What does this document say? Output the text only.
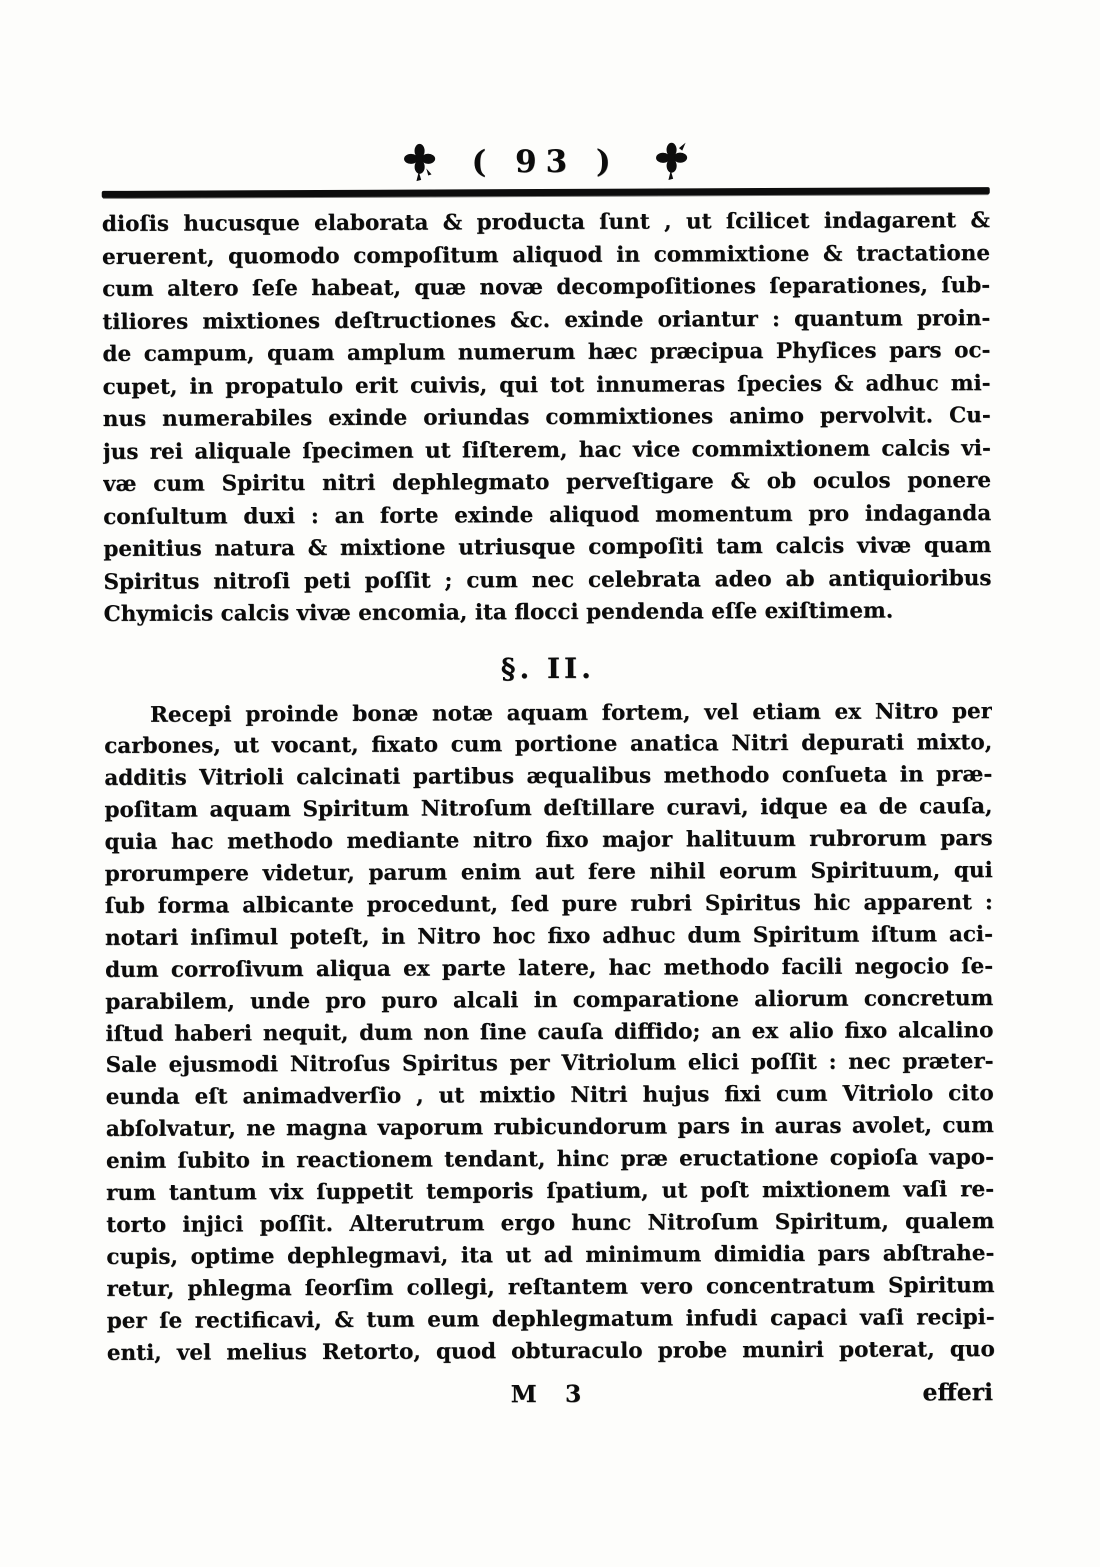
( 93 )
dioſis hucusque elaborata & producta ſunt , ut ſcilicet indagarent &
eruerent, quomodo compoſitum aliquod in commixtione & tractatione
cum altero ſeſe habeat, quæ novæ decompoſitiones ſeparationes, ſub-
tiliores mixtiones deſtructiones &c. exinde oriantur : quantum proin-
de campum, quam amplum numerum hæc præcipua Phyſices pars oc-
cupet, in propatulo erit cuivis, qui tot innumeras ſpecies & adhuc mi-
nus numerabiles exinde oriundas commixtiones animo pervolvit. Cu-
jus rei aliquale ſpecimen ut ſiſterem, hac vice commixtionem calcis vi-
væ cum Spiritu nitri dephlegmato perveſtigare & ob oculos ponere
conſultum duxi : an forte exinde aliquod momentum pro indaganda
penitius natura & mixtione utriusque compoſiti tam calcis vivæ quam
Spiritus nitroſi peti poſſit ; cum nec celebrata adeo ab antiquioribus
Chymicis calcis vivæ encomia, ita flocci pendenda eſſe exiſtimem.
§. II.
Recepi proinde bonæ notæ aquam fortem, vel etiam ex Nitro per
carbones, ut vocant, fixato cum portione anatica Nitri depurati mixto,
additis Vitrioli calcinati partibus æqualibus methodo conſueta in præ-
poſitam aquam Spiritum Nitroſum deſtillare curavi, idque ea de cauſa,
quia hac methodo mediante nitro fixo major halituum rubrorum pars
prorumpere videtur, parum enim aut fere nihil eorum Spirituum, qui
ſub forma albicante procedunt, ſed pure rubri Spiritus hic apparent :
notari inſimul poteſt, in Nitro hoc fixo adhuc dum Spiritum iſtum aci-
dum corroſivum aliqua ex parte latere, hac methodo facili negocio ſe-
parabilem, unde pro puro alcali in comparatione aliorum concretum
iſtud haberi nequit, dum non ſine cauſa diffido; an ex alio fixo alcalino
Sale ejusmodi Nitroſus Spiritus per Vitriolum elici poſſit : nec præter-
eunda eſt animadverſio , ut mixtio Nitri hujus fixi cum Vitriolo cito
abſolvatur, ne magna vaporum rubicundorum pars in auras avolet, cum
enim ſubito in reactionem tendant, hinc præ eructatione copioſa vapo-
rum tantum vix ſuppetit temporis ſpatium, ut poſt mixtionem vaſi re-
torto injici poſſit. Alterutrum ergo hunc Nitroſum Spiritum, qualem
cupis, optime dephlegmavi, ita ut ad minimum dimidia pars abſtrahe-
retur, phlegma ſeorſim collegi, reſtantem vero concentratum Spiritum
per ſe rectificavi, & tum eum dephlegmatum infudi capaci vaſi recipi-
enti, vel melius Retorto, quod obturaculo probe muniri poterat, quo
M 3	efferi
